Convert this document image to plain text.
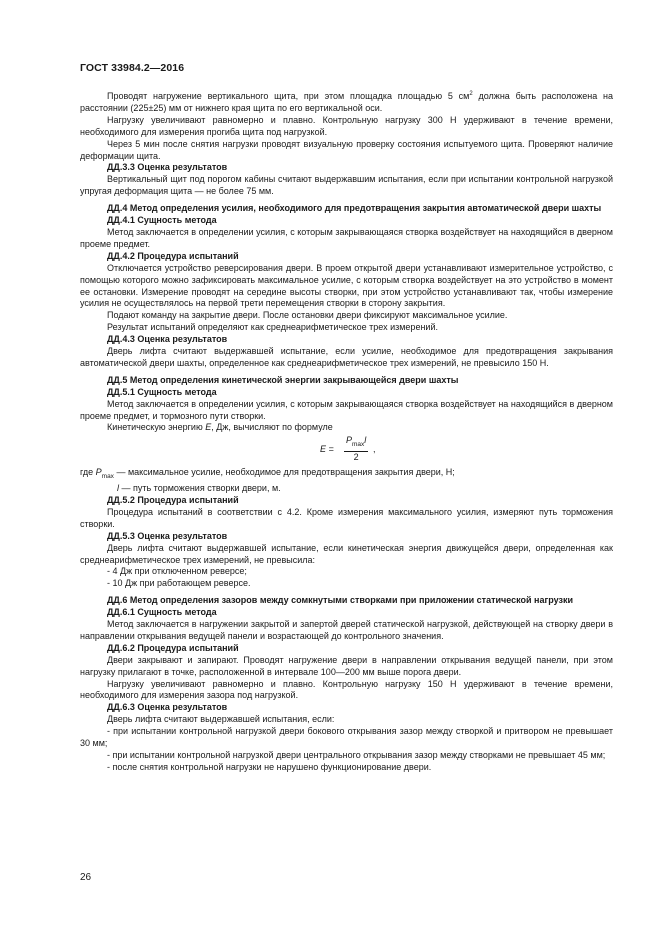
ГОСТ 33984.2—2016

Проводят нагружение вертикального щита, при этом площадка площадью 5 $см^2$ должна быть расположена на расстоянии (225±25) мм от нижнего края щита по его вертикальной оси.

Нагрузку увеличивают равномерно и плавно. Контрольную нагрузку 300 Н удерживают в течение времени, необходимого для измерения прогиба щита под нагрузкой.

Через 5 мин после снятия нагрузки проводят визуальную проверку состояния испытуемого щита. Проверяют наличие деформации щита.

ДД.3.3 Оценка результатов

Вертикальный щит под порогом кабины считают выдержавшим испытания, если при испытании контрольной нагрузкой упругая деформация щита — не более 75 мм.

ДД.4 Метод определения усилия, необходимого для предотвращения закрытия автоматической двери шахты

ДД.4.1 Сущность метода

Метод заключается в определении усилия, с которым закрывающаяся створка воздействует на находящийся в дверном проеме предмет.

ДД.4.2 Процедура испытаний

Отключается устройство реверсирования двери. В проем открытой двери устанавливают измерительное устройство, с помощью которого можно зафиксировать максимальное усилие, с которым створка воздействует на это устройство в момент ее остановки. Измерение проводят на середине высоты створки, при этом устройство устанавливают так, чтобы измерение усилия не осуществлялось на первой трети перемещения створки в сторону закрытия.

Подают команду на закрытие двери. После остановки двери фиксируют максимальное усилие.

Результат испытаний определяют как среднеарифметическое трех измерений.

ДД.4.3 Оценка результатов

Дверь лифта считают выдержавшей испытание, если усилие, необходимое для предотвращения закрывания автоматической двери шахты, определенное как среднеарифметическое трех измерений, не превысило 150 Н.

ДД.5 Метод определения кинетической энергии закрывающейся двери шахты

ДД.5.1 Сущность метода

Метод заключается в определении усилия, с которым закрывающаяся створка воздействует на находящийся в дверном проеме предмет, и тормозного пути створки.

Кинетическую энергию E, Дж, вычисляют по формуле

E =
$P_{max}l$
2
,

где $P_{max}$ — максимальное усилие, необходимое для предотвращения закрытия двери, Н;

l — путь торможения створки двери, м.

ДД.5.2 Процедура испытаний

Процедура испытаний в соответствии с 4.2. Кроме измерения максимального усилия, измеряют путь торможения створки.

ДД.5.3 Оценка результатов

Дверь лифта считают выдержавшей испытание, если кинетическая энергия движущейся двери, определенная как среднеарифметическое трех измерений, не превысила:

- 4 Дж при отключенном реверсе;

- 10 Дж при работающем реверсе.

ДД.6 Метод определения зазоров между сомкнутыми створками при приложении статической нагрузки

ДД.6.1 Сущность метода

Метод заключается в нагружении закрытой и запертой дверей статической нагрузкой, действующей на створку двери в направлении открывания ведущей панели и возрастающей до контрольного значения.

ДД.6.2 Процедура испытаний

Двери закрывают и запирают. Проводят нагружение двери в направлении открывания ведущей панели, при этом нагрузку прилагают в точке, расположенной в интервале 100—200 мм выше порога двери.

Нагрузку увеличивают равномерно и плавно. Контрольную нагрузку 150 Н удерживают в течение времени, необходимого для измерения зазора под нагрузкой.

ДД.6.3 Оценка результатов

Дверь лифта считают выдержавшей испытания, если:

- при испытании контрольной нагрузкой двери бокового открывания зазор между створкой и притвором не превышает 30 мм;

- при испытании контрольной нагрузкой двери центрального открывания зазор между створками не превышает 45 мм;

- после снятия контрольной нагрузки не нарушено функционирование двери.

26
